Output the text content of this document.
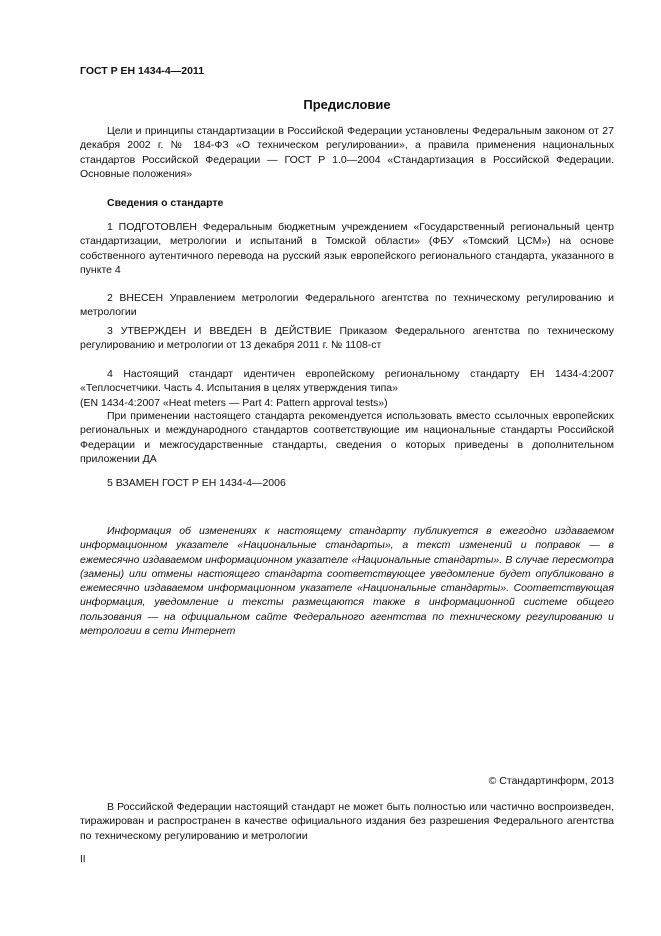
ГОСТ Р ЕН 1434-4—2011

Предисловие

Цели и принципы стандартизации в Российской Федерации установлены Федеральным законом от 27 декабря 2002 г. № 184-ФЗ «О техническом регулировании», а правила применения национальных стандартов Российской Федерации — ГОСТ Р 1.0—2004 «Стандартизация в Российской Федерации. Основные положения»

Сведения о стандарте

1 ПОДГОТОВЛЕН Федеральным бюджетным учреждением «Государственный региональный центр стандартизации, метрологии и испытаний в Томской области» (ФБУ «Томский ЦСМ») на основе собственного аутентичного перевода на русский язык европейского регионального стандарта, указанного в пункте 4

2 ВНЕСЕН Управлением метрологии Федерального агентства по техническому регулированию и метрологии

3 УТВЕРЖДЕН И ВВЕДЕН В ДЕЙСТВИЕ Приказом Федерального агентства по техническому регулированию и метрологии от 13 декабря 2011 г. № 1108-ст

4 Настоящий стандарт идентичен европейскому региональному стандарту ЕН 1434-4:2007 «Теплосчетчики. Часть 4. Испытания в целях утверждения типа»
(EN 1434-4:2007 «Heat meters — Part 4: Pattern approval tests»)

При применении настоящего стандарта рекомендуется использовать вместо ссылочных европейских региональных и международного стандартов соответствующие им национальные стандарты Российской Федерации и межгосударственные стандарты, сведения о которых приведены в дополнительном приложении ДА

5 ВЗАМЕН ГОСТ Р ЕН 1434-4—2006

Информация об изменениях к настоящему стандарту публикуется в ежегодно издаваемом информационном указателе «Национальные стандарты», а текст изменений и поправок — в ежемесячно издаваемом информационном указателе «Национальные стандарты». В случае пересмотра (замены) или отмены настоящего стандарта соответствующее уведомление будет опубликовано в ежемесячно издаваемом информационном указателе «Национальные стандарты». Соответствующая информация, уведомление и тексты размещаются также в информационной системе общего пользования — на официальном сайте Федерального агентства по техническому регулированию и метрологии в сети Интернет

© Стандартинформ, 2013

В Российской Федерации настоящий стандарт не может быть полностью или частично воспроизведен, тиражирован и распространен в качестве официального издания без разрешения Федерального агентства по техническому регулированию и метрологии

II
